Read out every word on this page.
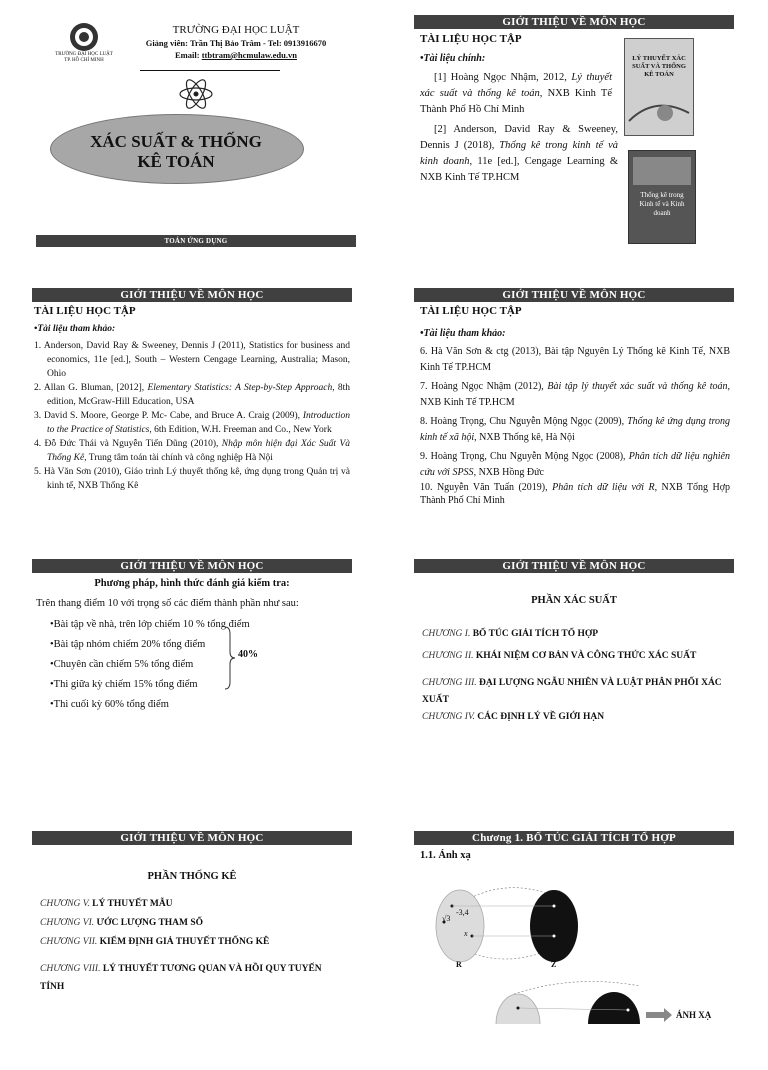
TRƯỜNG ĐẠI HỌC LUẬT
TP. HỒ CHÍ MINH
TRƯỜNG ĐẠI HỌC LUẬT
Giảng viên: Trần Thị Bảo Trâm - Tel: 0913916670
Email: ttbtram@hcmulaw.edu.vn
XÁC SUẤT & THỐNG
KÊ TOÁN
TOÁN ỨNG DỤNG
GIỚI THIỆU VỀ MÔN HỌC
TÀI LIỆU HỌC TẬP
•Tài liệu chính:
[1] Hoàng Ngọc Nhậm, 2012, Lý thuyết xác suất và thống kê toán, NXB Kinh Tế Thành Phố Hồ Chí Minh
[2] Anderson, David Ray & Sweeney, Dennis J (2018), Thống kê trong kinh tế và kinh doanh, 11e [ed.], Cengage Learning & NXB Kinh Tế TP.HCM
LÝ THUYẾT XÁC SUẤT VÀ THỐNG KÊ TOÁN
Thống kê trong Kinh tế và Kinh doanh
GIỚI THIỆU VỀ MÔN HỌC
TÀI LIỆU HỌC TẬP
•Tài liệu tham khảo:
1. Anderson, David Ray & Sweeney, Dennis J (2011), Statistics for business and economics, 11e [ed.], South – Western Cengage Learning, Australia; Mason, Ohio
2. Allan G. Bluman, [2012], Elementary Statistics: A Step-by-Step Approach, 8th edition, McGraw-Hill Education, USA
3. David S. Moore, George P. Mc- Cabe, and Bruce A. Craig (2009), Introduction to the Practice of Statistics, 6th Edition, W.H. Freeman and Co., New York
4. Đỗ Đức Thái và Nguyễn Tiến Dũng (2010), Nhập môn hiện đại Xác Suất Và Thống Kê, Trung tâm toán tài chính và công nghiệp Hà Nội
5. Hà Văn Sơn (2010), Giáo trình Lý thuyết thống kê, ứng dụng trong Quản trị và kinh tế, NXB Thống Kê
GIỚI THIỆU VỀ MÔN HỌC
TÀI LIỆU HỌC TẬP
•Tài liệu tham khảo:
6. Hà Văn Sơn & ctg (2013), Bài tập Nguyên Lý Thống kê Kinh Tế, NXB Kinh Tế TP.HCM
7. Hoàng Ngọc Nhậm (2012), Bài tập lý thuyết xác suất và thống kê toán, NXB Kinh Tế TP.HCM
8. Hoàng Trọng, Chu Nguyễn Mộng Ngọc (2009), Thống kê ứng dụng trong kinh tế xã hội, NXB Thống kê, Hà Nội
9. Hoàng Trọng, Chu Nguyễn Mộng Ngọc (2008), Phân tích dữ liệu nghiên cứu với SPSS, NXB Hồng Đức
10. Nguyễn Văn Tuấn (2019), Phân tích dữ liệu với R, NXB Tổng Hợp Thành Phố Chí Minh
GIỚI THIỆU VỀ MÔN HỌC
Phương pháp, hình thức đánh giá kiểm tra:
Trên thang điểm 10 với trọng số các điểm thành phần như sau:
•Bài tập về nhà, trên lớp chiếm 10 % tổng điểm
•Bài tập nhóm chiếm 20% tổng điểm
•Chuyên cần chiếm 5% tổng điểm
•Thi giữa kỳ chiếm 15% tổng điểm
•Thi cuối kỳ 60% tổng điểm
40%
GIỚI THIỆU VỀ MÔN HỌC
PHẦN XÁC SUẤT
CHƯƠNG I. BỔ TÚC GIẢI TÍCH TỔ HỢP
CHƯƠNG II. KHÁI NIỆM CƠ BẢN VÀ CÔNG THỨC XÁC SUẤT
CHƯƠNG III. ĐẠI LƯỢNG NGẪU NHIÊN VÀ LUẬT PHÂN PHỐI XÁC XUẤT
CHƯƠNG IV. CÁC ĐỊNH LÝ VỀ GIỚI HẠN
GIỚI THIỆU VỀ MÔN HỌC
PHẦN THỐNG KÊ
CHƯƠNG V. LÝ THUYẾT MẪU
CHƯƠNG VI. ƯỚC LƯỢNG THAM SỐ
CHƯƠNG VII. KIỂM ĐỊNH GIẢ THUYẾT THỐNG KÊ
CHƯƠNG VIII. LÝ THUYẾT TƯƠNG QUAN VÀ HỒI QUY TUYẾN TÍNH
Chương 1. BỔ TÚC GIẢI TÍCH TỔ HỢP
1.1. Ánh xạ
√3
-3,4
x
R	Z
ÁNH XẠ
